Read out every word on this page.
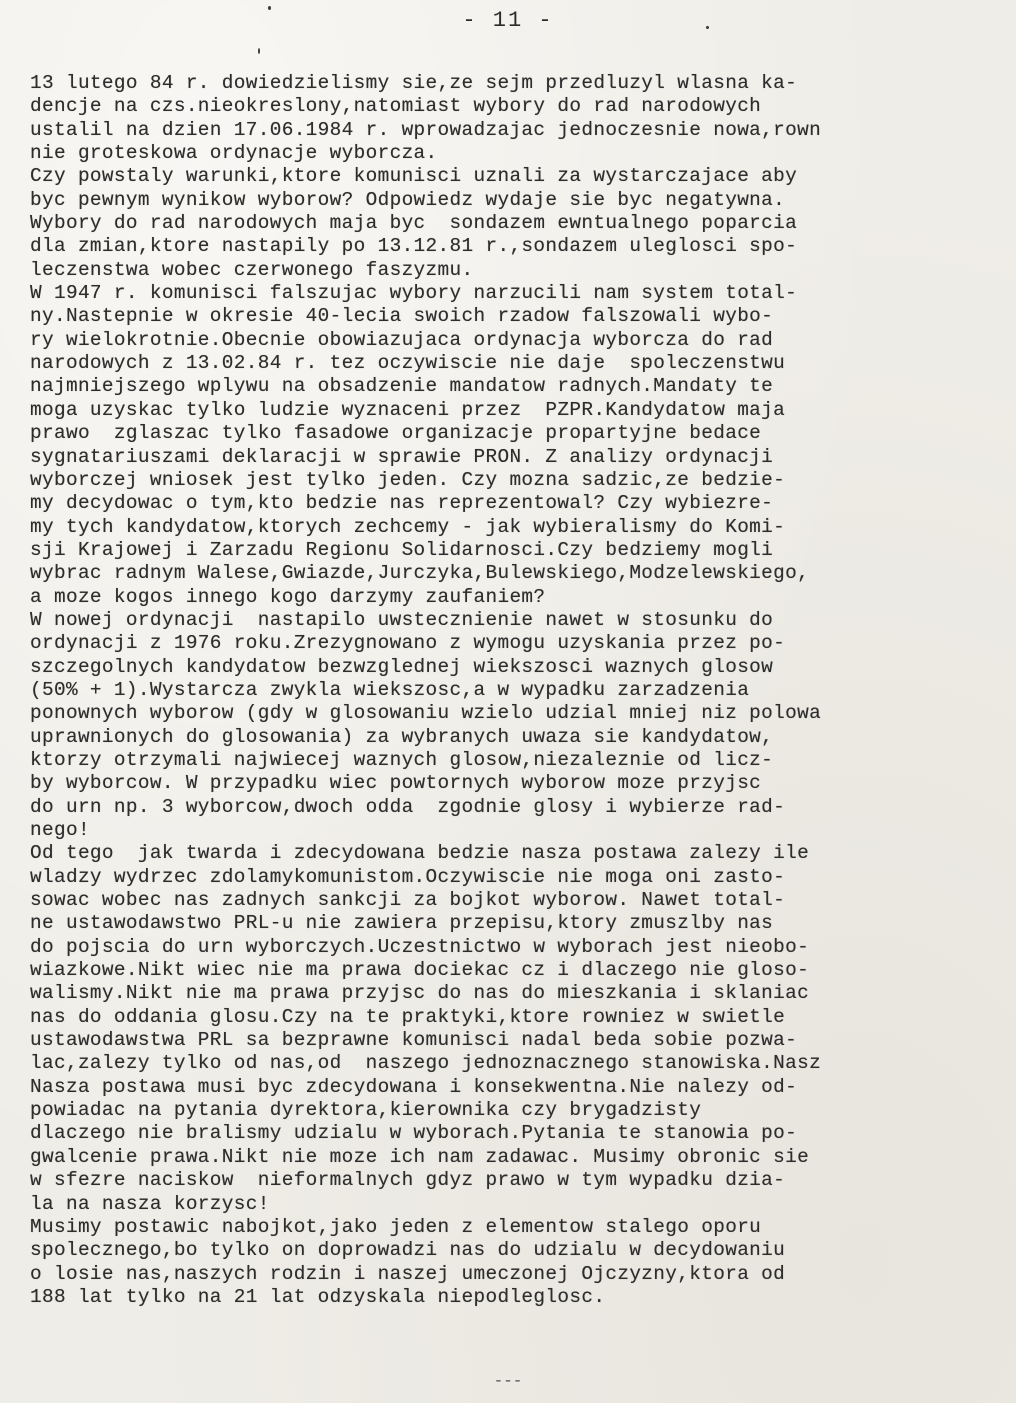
- 11 -
13 lutego 84 r. dowiedzielismy sie,ze sejm przedluzyl wlasna ka-
dencje na czs.nieokreslony,natomiast wybory do rad narodowych
ustalil na dzien 17.06.1984 r. wprowadzajac jednoczesnie nowa,rown
nie groteskowa ordynacje wyborcza.
Czy powstaly warunki,ktore komunisci uznali za wystarczajace aby
byc pewnym wynikow wyborow? Odpowiedz wydaje sie byc negatywna.
Wybory do rad narodowych maja byc  sondazem ewntualnego poparcia
dla zmian,ktore nastapily po 13.12.81 r.,sondazem ulegloscі spo-
leczenstwa wobec czerwonego faszyzmu.
W 1947 r. komunisci falszujac wybory narzucili nam system total-
ny.Nastepnie w okresie 40-lecia swoich rzadow falszowali wybo-
ry wielokrotnie.Obecnie obowiazujaca ordynacja wyborcza do rad
narodowych z 13.02.84 r. tez oczywiscie nie daje  spoleczenstwu
najmniejszego wplywu na obsadzenie mandatow radnych.Mandaty te
moga uzyskac tylko ludzie wyznaceni przez  PZPR.Kandydatow maja
prawo  zglaszac tylko fasadowe organizacje propartyjne bedace
sygnatariuszami deklaracji w sprawie PRON. Z analizy ordynacji
wyborczej wniosek jest tylko jeden. Czy mozna sadzic,ze bedzie-
my decydowac o tym,kto bedzie nas reprezentowal? Czy wybiezre-
my tych kandydatow,ktorych zechcemy - jak wybieralismy do Komi-
sji Krajowej i Zarzadu Regionu Solidarnosci.Czy bedziemy mogli
wybrac radnym Walese,Gwiazde,Jurczyka,Bulewskiego,Modzelewskiego,
a moze kogos innego kogo darzymy zaufaniem?
W nowej ordynacji  nastapilo uwstecznienie nawet w stosunku do
ordynacji z 1976 roku.Zrezygnowano z wymogu uzyskania przez po-
szczegolnych kandydatow bezwzglednej wiekszosci waznych glosow
(50% + 1).Wystarcza zwykla wiekszosc,a w wypadku zarzadzenia
ponownych wyborow (gdy w glosowaniu wzielo udzial mniej niz polowa
uprawnionych do glosowania) za wybranych uwaza sie kandydatow,
ktorzy otrzymali najwiecej waznych glosow,niezaleznie od licz-
by wyborcow. W przypadku wiec powtornych wyborow moze przyjsc
do urn np. 3 wyborcow,dwoch odda  zgodnie glosy i wybierze rad-
nego!
Od tego  jak twarda i zdecydowana bedzie nasza postawa zalezy ile
wladzy wydrzec zdolamykomunistom.Oczywiscie nie moga oni zasto-
sowac wobec nas zadnych sankcji za bojkot wyborow. Nawet total-
ne ustawodawstwo PRL-u nie zawiera przepisu,ktory zmuszlby nas
do pojscia do urn wyborczych.Uczestnictwo w wyborach jest nieobo-
wiazkowe.Nikt wiec nie ma prawa dociekac cz i dlaczego nie glosо-
walismy.Nikt nie ma prawa przyjsc do nas do mieszkania i sklaniac
nas do oddania glosu.Czy na te praktyki,ktore rowniez w swietle
ustawodawstwa PRL sa bezprawne komunisci nadal beda sobie pozwa-
lac,zalezy tylko od nas,od  naszego jednoznacznego stanowiska.Nasz
Nasza postawa musi byc zdecydowana i konsekwentna.Nie nalezy od-
powiadac na pytania dyrektora,kierownika czy brygadzisty
dlaczego nie bralismy udzialu w wyborach.Pytania te stanowia po-
gwalcenie prawa.Nikt nie moze ich nam zadawac. Musimy obronic sie
w sfezre naciskow  nieformalnych gdyz prawo w tym wypadku dzia-
la na nasza korzysc!
Musimy postawic nabojkot,jako jeden z elementow stalego oporu
spolecznego,bo tylko on doprowadzi nas do udzialu w decydowaniu
o losie nas,naszych rodzin i naszej umeczonej Ojczyzny,ktora od
188 lat tylko na 21 lat odzyskala niepodleglosc.
---
